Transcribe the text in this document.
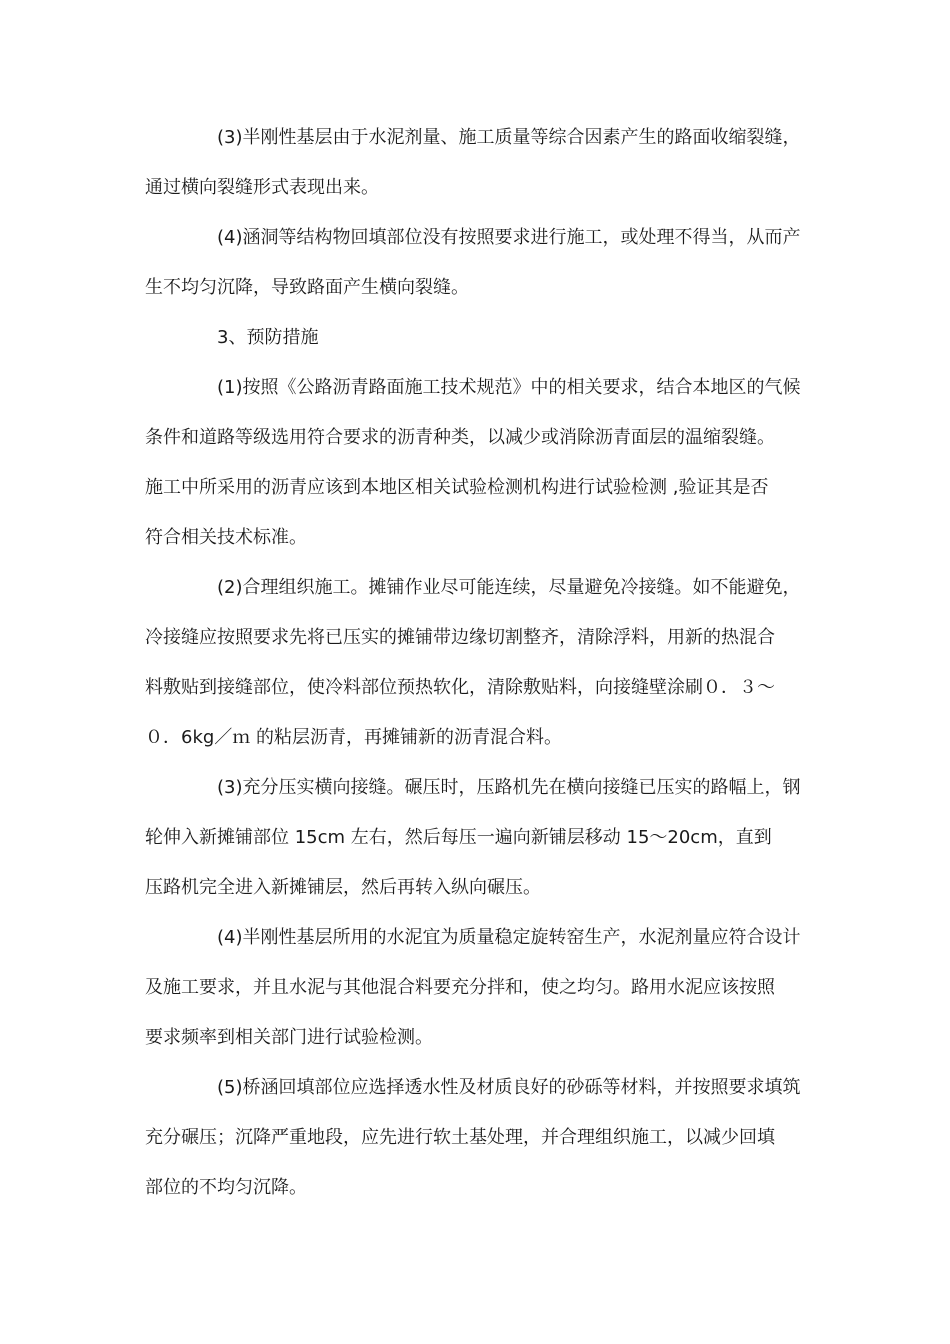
(3)半刚性基层由于水泥剂量、施工质量等综合因素产生的路面收缩裂缝，
通过横向裂缝形式表现出来。
(4)涵洞等结构物回填部位没有按照要求进行施工，或处理不得当，从而产
生不均匀沉降，导致路面产生横向裂缝。
3、预防措施
(1)按照《公路沥青路面施工技术规范》中的相关要求，结合本地区的气候
条件和道路等级选用符合要求的沥青种类，以减少或消除沥青面层的温缩裂缝。
施工中所采用的沥青应该到本地区相关试验检测机构进行试验检测 ,验证其是否
符合相关技术标准。
(2)合理组织施工。摊铺作业尽可能连续，尽量避免冷接缝。如不能避免，
冷接缝应按照要求先将已压实的摊铺带边缘切割整齐，清除浮料，用新的热混合
料敷贴到接缝部位，使冷料部位预热软化，清除敷贴料，向接缝壁涂刷０．３～
０．6kg／ｍ 的粘层沥青，再摊铺新的沥青混合料。
(3)充分压实横向接缝。碾压时，压路机先在横向接缝已压实的路幅上，钢
轮伸入新摊铺部位 15cm 左右，然后每压一遍向新铺层移动 15～20cm，直到
压路机完全进入新摊铺层，然后再转入纵向碾压。
(4)半刚性基层所用的水泥宜为质量稳定旋转窑生产，水泥剂量应符合设计
及施工要求，并且水泥与其他混合料要充分拌和，使之均匀。路用水泥应该按照
要求频率到相关部门进行试验检测。
(5)桥涵回填部位应选择透水性及材质良好的砂砾等材料，并按照要求填筑
充分碾压；沉降严重地段，应先进行软土基处理，并合理组织施工，以减少回填
部位的不均匀沉降。
